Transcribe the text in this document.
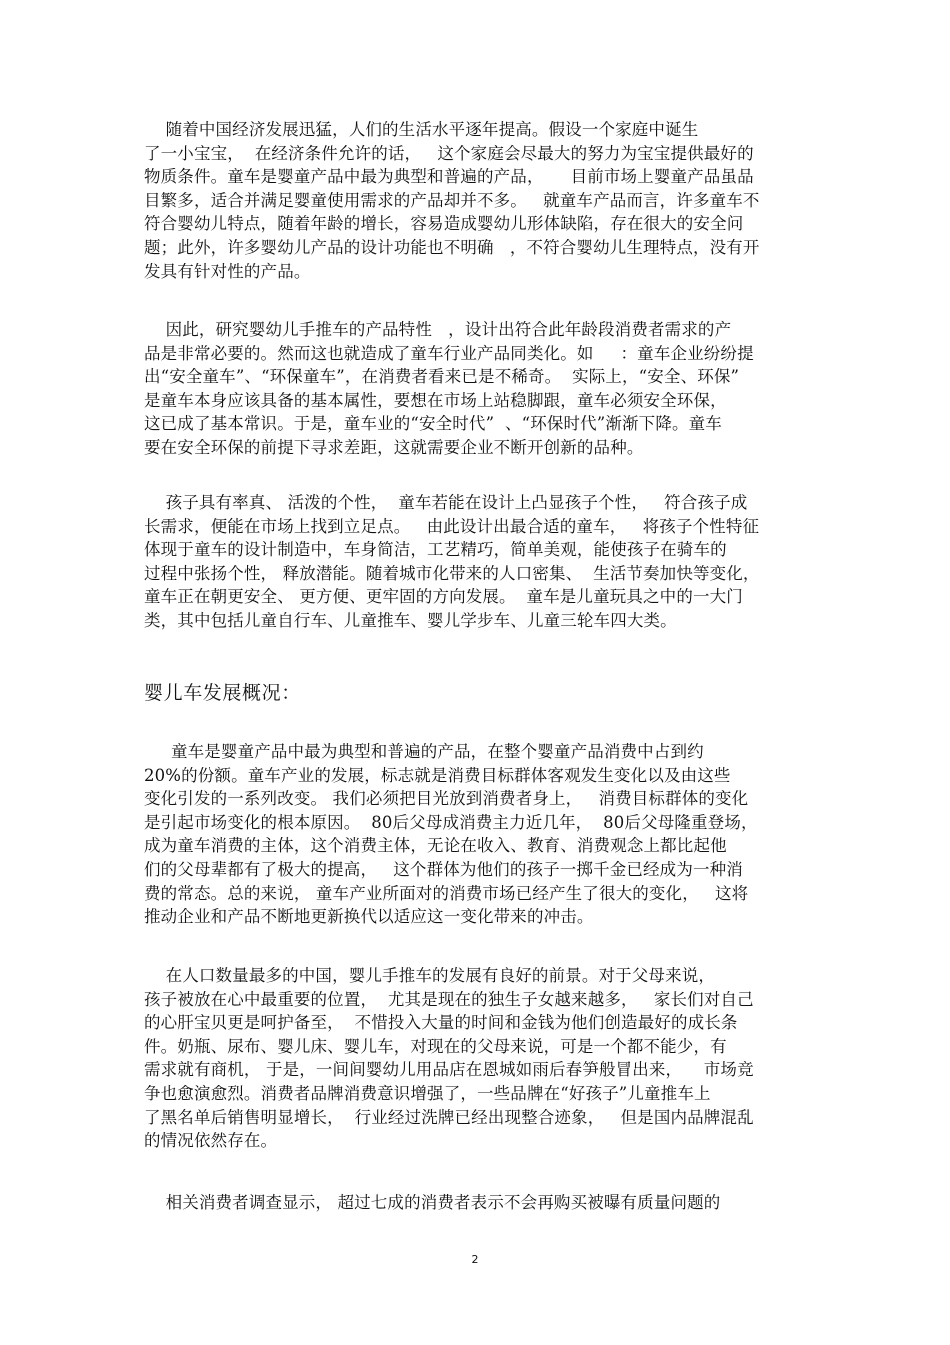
随着中国经济发展迅猛，人们的生活水平逐年提高。假设一个家庭中诞生
了一小宝宝，  在经济条件允许的话，   这个家庭会尽最大的努力为宝宝提供最好的
物质条件。童车是婴童产品中最为典型和普遍的产品，     目前市场上婴童产品虽品
目繁多，适合并满足婴童使用需求的产品却并不多。   就童车产品而言，许多童车不
符合婴幼儿特点，随着年龄的增长，容易造成婴幼儿形体缺陷，存在很大的安全问
题；此外，许多婴幼儿产品的设计功能也不明确   ，不符合婴幼儿生理特点，没有开
发具有针对性的产品。
因此，研究婴幼儿手推车的产品特性   ，设计出符合此年龄段消费者需求的产
品是非常必要的。然而这也就造成了童车行业产品同类化。如     ：童车企业纷纷提
出“安全童车”、“环保童车”，在消费者看来已是不稀奇。  实际上，“安全、环保”
是童车本身应该具备的基本属性，要想在市场上站稳脚跟，童车必须安全环保，
这已成了基本常识。于是，童车业的“安全时代”  、“环保时代”渐渐下降。童车
要在安全环保的前提下寻求差距，这就需要企业不断开创新的品种。
孩子具有率真、 活泼的个性，  童车若能在设计上凸显孩子个性，   符合孩子成
长需求，便能在市场上找到立足点。   由此设计出最合适的童车，   将孩子个性特征
体现于童车的设计制造中，车身简洁，工艺精巧，简单美观，能使孩子在骑车的
过程中张扬个性， 释放潜能。随着城市化带来的人口密集、  生活节奏加快等变化，
童车正在朝更安全、 更方便、更牢固的方向发展。  童车是儿童玩具之中的一大门
类，其中包括儿童自行车、儿童推车、婴儿学步车、儿童三轮车四大类。
婴儿车发展概况：
童车是婴童产品中最为典型和普遍的产品，在整个婴童产品消费中占到约
20%的份额。童车产业的发展，标志就是消费目标群体客观发生变化以及由这些
变化引发的一系列改变。 我们必须把目光放到消费者身上，   消费目标群体的变化
是引起市场变化的根本原因。  80后父母成消费主力近几年，  80后父母隆重登场，
成为童车消费的主体，这个消费主体，无论在收入、教育、消费观念上都比起他
们的父母辈都有了极大的提高，   这个群体为他们的孩子一掷千金已经成为一种消
费的常态。总的来说， 童车产业所面对的消费市场已经产生了很大的变化，   这将
推动企业和产品不断地更新换代以适应这一变化带来的冲击。
在人口数量最多的中国，婴儿手推车的发展有良好的前景。对于父母来说，
孩子被放在心中最重要的位置，  尤其是现在的独生子女越来越多，   家长们对自己
的心肝宝贝更是呵护备至，  不惜投入大量的时间和金钱为他们创造最好的成长条
件。奶瓶、尿布、婴儿床、婴儿车，对现在的父母来说，可是一个都不能少，有
需求就有商机， 于是，一间间婴幼儿用品店在恩城如雨后春笋般冒出来，    市场竞
争也愈演愈烈。消费者品牌消费意识增强了，一些品牌在“好孩子”儿童推车上
了黑名单后销售明显增长，  行业经过洗牌已经出现整合迹象，   但是国内品牌混乱
的情况依然存在。
相关消费者调查显示， 超过七成的消费者表示不会再购买被曝有质量问题的
2
